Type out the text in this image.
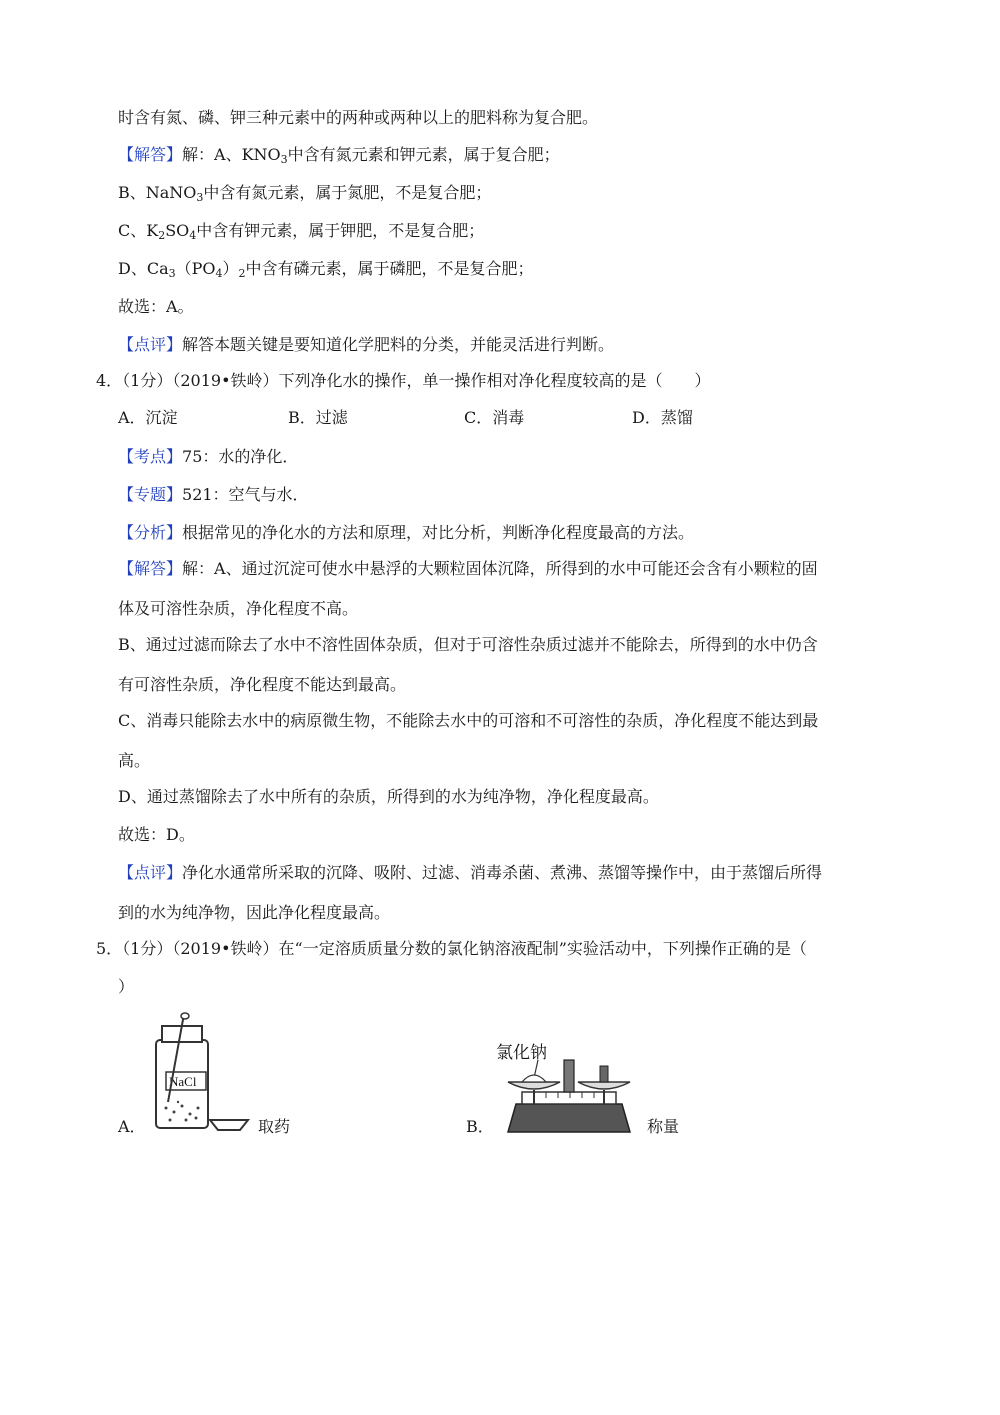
时含有氮、磷、钾三种元素中的两种或两种以上的肥料称为复合肥。
【解答】解：A、$KNO_3$中含有氮元素和钾元素，属于复合肥；
B、NaNO$_3$中含有氮元素，属于氮肥，不是复合肥；
C、$K_2SO_4$中含有钾元素，属于钾肥，不是复合肥；
D、$Ca_3(PO_4)_2$中含有磷元素，属于磷肥，不是复合肥；
故选：A。
【点评】解答本题关键是要知道化学肥料的分类，并能灵活进行判断。
4．（1分）（2019•铁岭）下列净化水的操作，单一操作相对净化程度较高的是（　　）
A．沉淀	B．过滤	C．消毒	D．蒸馏
【考点】75：水的净化．
【专题】521：空气与水．
【分析】根据常见的净化水的方法和原理，对比分析，判断净化程度最高的方法。
【解答】解：A、通过沉淀可使水中悬浮的大颗粒固体沉降，所得到的水中可能还会含有小颗粒的固
体及可溶性杂质，净化程度不高。
B、通过过滤而除去了水中不溶性固体杂质，但对于可溶性杂质过滤并不能除去，所得到的水中仍含
有可溶性杂质，净化程度不能达到最高。
C、消毒只能除去水中的病原微生物，不能除去水中的可溶和不可溶性的杂质，净化程度不能达到最
高。
D、通过蒸馏除去了水中所有的杂质，所得到的水为纯净物，净化程度最高。
故选：D。
【点评】净化水通常所采取的沉降、吸附、过滤、消毒杀菌、煮沸、蒸馏等操作中，由于蒸馏后所得
到的水为纯净物，因此净化程度最高。
5．（1分）（2019•铁岭）在“一定溶质质量分数的氯化钠溶液配制”实验活动中，下列操作正确的是（
）
A．
NaCl
取药	B．
氯化钠
称量
